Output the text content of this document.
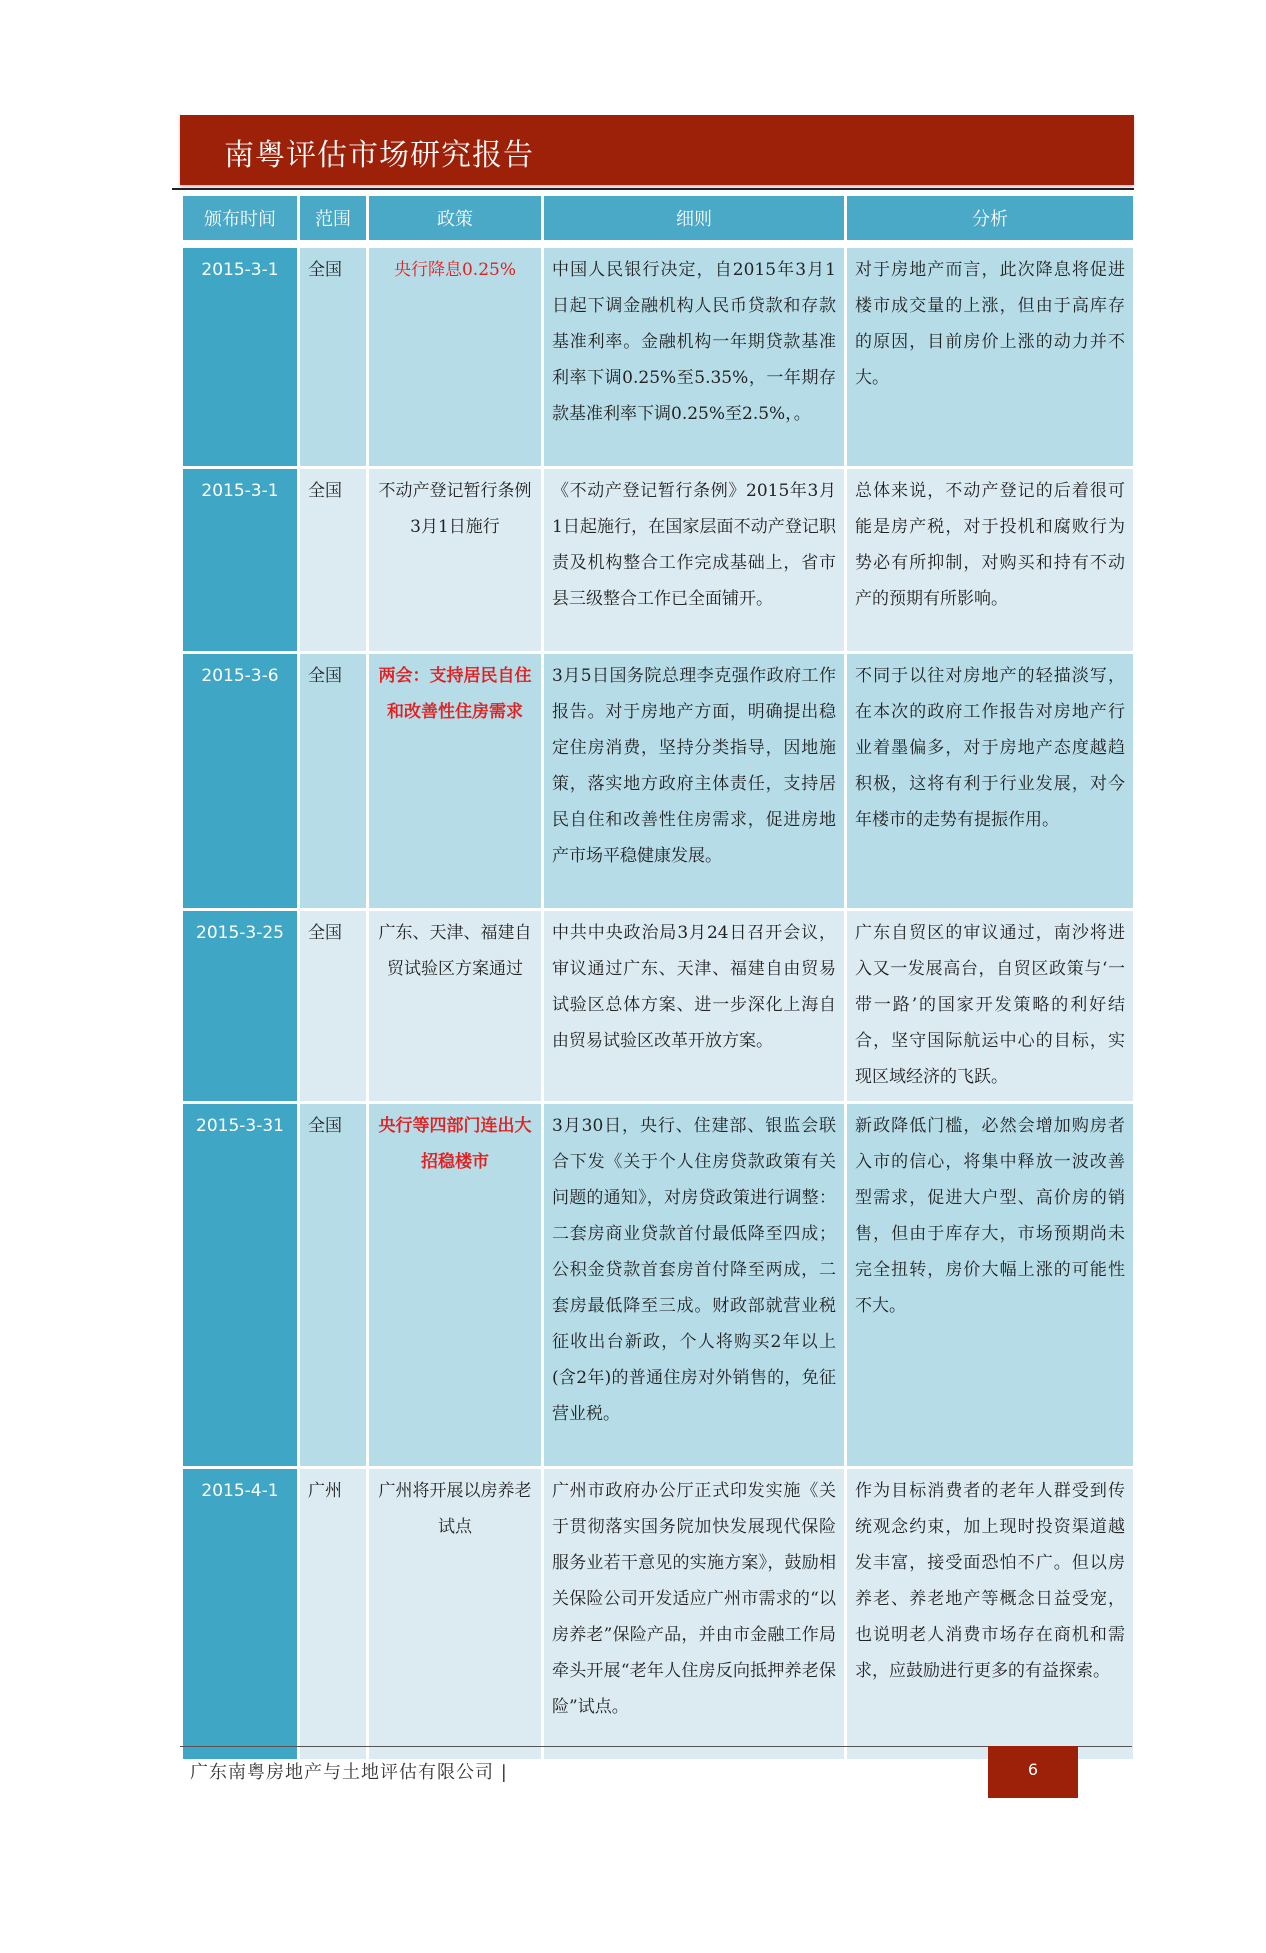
南粤评估市场研究报告
颁布时间	范围	政策	细则	分析

2015-3-1	全国	央行降息0.25%	中国人民银行决定，自2015年3月1日起下调金融机构人民币贷款和存款基准利率。金融机构一年期贷款基准利率下调0.25%至5.35%，一年期存款基准利率下调0.25%至2.5%，。	对于房地产而言，此次降息将促进楼市成交量的上涨，但由于高库存的原因，目前房价上涨的动力并不大。
2015-3-1	全国	不动产登记暂行条例3月1日施行	《不动产登记暂行条例》2015年3月1日起施行，在国家层面不动产登记职责及机构整合工作完成基础上，省市县三级整合工作已全面铺开。	总体来说，不动产登记的后着很可能是房产税，对于投机和腐败行为势必有所抑制，对购买和持有不动产的预期有所影响。
2015-3-6	全国	两会：支持居民自住和改善性住房需求	3月5日国务院总理李克强作政府工作报告。对于房地产方面，明确提出稳定住房消费，坚持分类指导，因地施策，落实地方政府主体责任，支持居民自住和改善性住房需求，促进房地产市场平稳健康发展。	不同于以往对房地产的轻描淡写，在本次的政府工作报告对房地产行业着墨偏多，对于房地产态度越趋积极，这将有利于行业发展，对今年楼市的走势有提振作用。
2015-3-25	全国	广东、天津、福建自贸试验区方案通过	中共中央政治局3月24日召开会议，审议通过广东、天津、福建自由贸易试验区总体方案、进一步深化上海自由贸易试验区改革开放方案。	广东自贸区的审议通过，南沙将进入又一发展高台，自贸区政策与‘一带一路’的国家开发策略的利好结合，坚守国际航运中心的目标，实现区域经济的飞跃。
2015-3-31	全国	央行等四部门连出大招稳楼市	3月30日，央行、住建部、银监会联合下发《关于个人住房贷款政策有关问题的通知》，对房贷政策进行调整：二套房商业贷款首付最低降至四成；公积金贷款首套房首付降至两成，二套房最低降至三成。财政部就营业税征收出台新政，个人将购买2年以上(含2年)的普通住房对外销售的，免征营业税。	新政降低门槛，必然会增加购房者入市的信心，将集中释放一波改善型需求，促进大户型、高价房的销售，但由于库存大，市场预期尚未完全扭转，房价大幅上涨的可能性不大。
2015-4-1	广州	广州将开展以房养老试点	广州市政府办公厅正式印发实施《关于贯彻落实国务院加快发展现代保险服务业若干意见的实施方案》，鼓励相关保险公司开发适应广州市需求的“以房养老”保险产品，并由市金融工作局牵头开展“老年人住房反向抵押养老保险”试点。	作为目标消费者的老年人群受到传统观念约束，加上现时投资渠道越发丰富，接受面恐怕不广。但以房养老、养老地产等概念日益受宠，也说明老人消费市场存在商机和需求，应鼓励进行更多的有益探索。
广东南粤房地产与土地评估有限公司 |	6
